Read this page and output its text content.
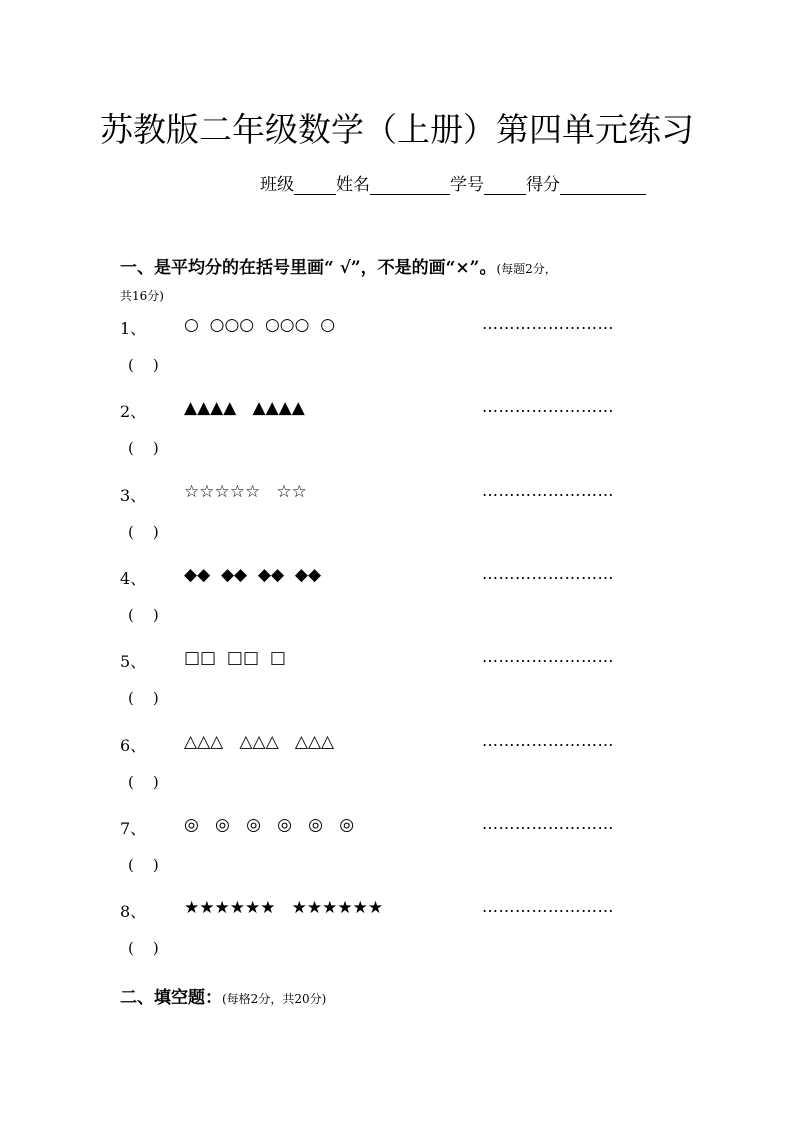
苏教版二年级数学（上册）第四单元练习
班级 姓名	学号 得分
一、是平均分的在括号里画“ √”，不是的画“×”。(每题2分，
共16分)
1、 ○  ○○○  ○○○  ○	……………………
(    )
2、 ▲▲▲▲   ▲▲▲▲	……………………
(    )
3、 ☆☆☆☆☆   ☆☆	……………………
(    )
4、 ◆◆  ◆◆  ◆◆  ◆◆	……………………
(    )
5、 □□  □□  □	……………………
(    )
6、 △△△   △△△   △△△	……………………
(    )
7、 ◎   ◎   ◎   ◎   ◎   ◎	……………………
(    )
8、 ★★★★★★   ★★★★★★	……………………
(    )
二、填空题：(每格2分，共20分)
